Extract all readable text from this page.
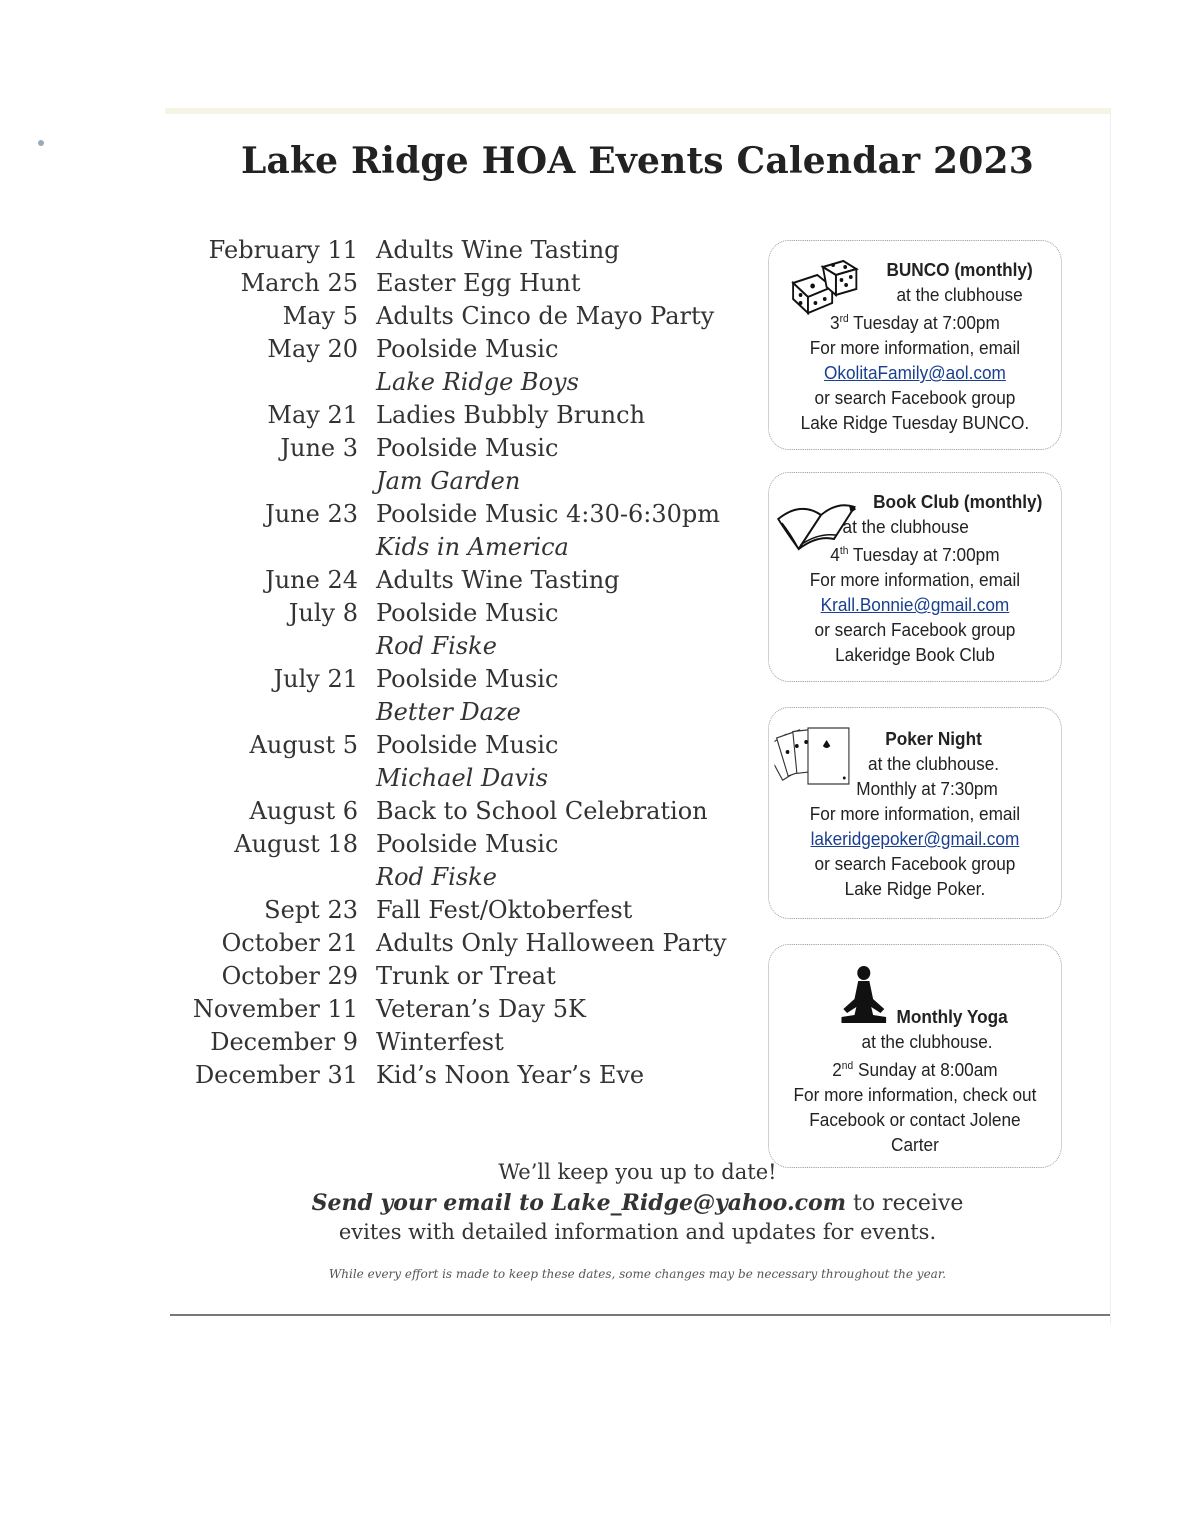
Lake Ridge HOA Events Calendar 2023
February 11 Adults Wine Tasting
March 25 Easter Egg Hunt
May 5 Adults Cinco de Mayo Party
May 20 Poolside Music
Lake Ridge Boys
May 21 Ladies Bubbly Brunch
June 3 Poolside Music
Jam Garden
June 23 Poolside Music 4:30-6:30pm
Kids in America
June 24 Adults Wine Tasting
July 8 Poolside Music
Rod Fiske
July 21 Poolside Music
Better Daze
August 5 Poolside Music
Michael Davis
August 6 Back to School Celebration
August 18 Poolside Music
Rod Fiske
Sept 23 Fall Fest/Oktoberfest
October 21 Adults Only Halloween Party
October 29 Trunk or Treat
November 11 Veteran’s Day 5K
December 9 Winterfest
December 31 Kid’s Noon Year’s Eve
BUNCO (monthly)
at the clubhouse
3rd Tuesday at 7:00pm
For more information, email
OkolitaFamily@aol.com
or search Facebook group
Lake Ridge Tuesday BUNCO.
Book Club (monthly)
at the clubhouse
4th Tuesday at 7:00pm
For more information, email
Krall.Bonnie@gmail.com
or search Facebook group
Lakeridge Book Club
Poker Night
at the clubhouse.
Monthly at 7:30pm
For more information, email
lakeridgepoker@gmail.com
or search Facebook group
Lake Ridge Poker.
Monthly Yoga
at the clubhouse.
2nd Sunday at 8:00am
For more information, check out
Facebook or contact Jolene
Carter
We’ll keep you up to date!
Send your email to Lake_Ridge@yahoo.com to receive
evites with detailed information and updates for events.
While every effort is made to keep these dates, some changes may be necessary throughout the year.
